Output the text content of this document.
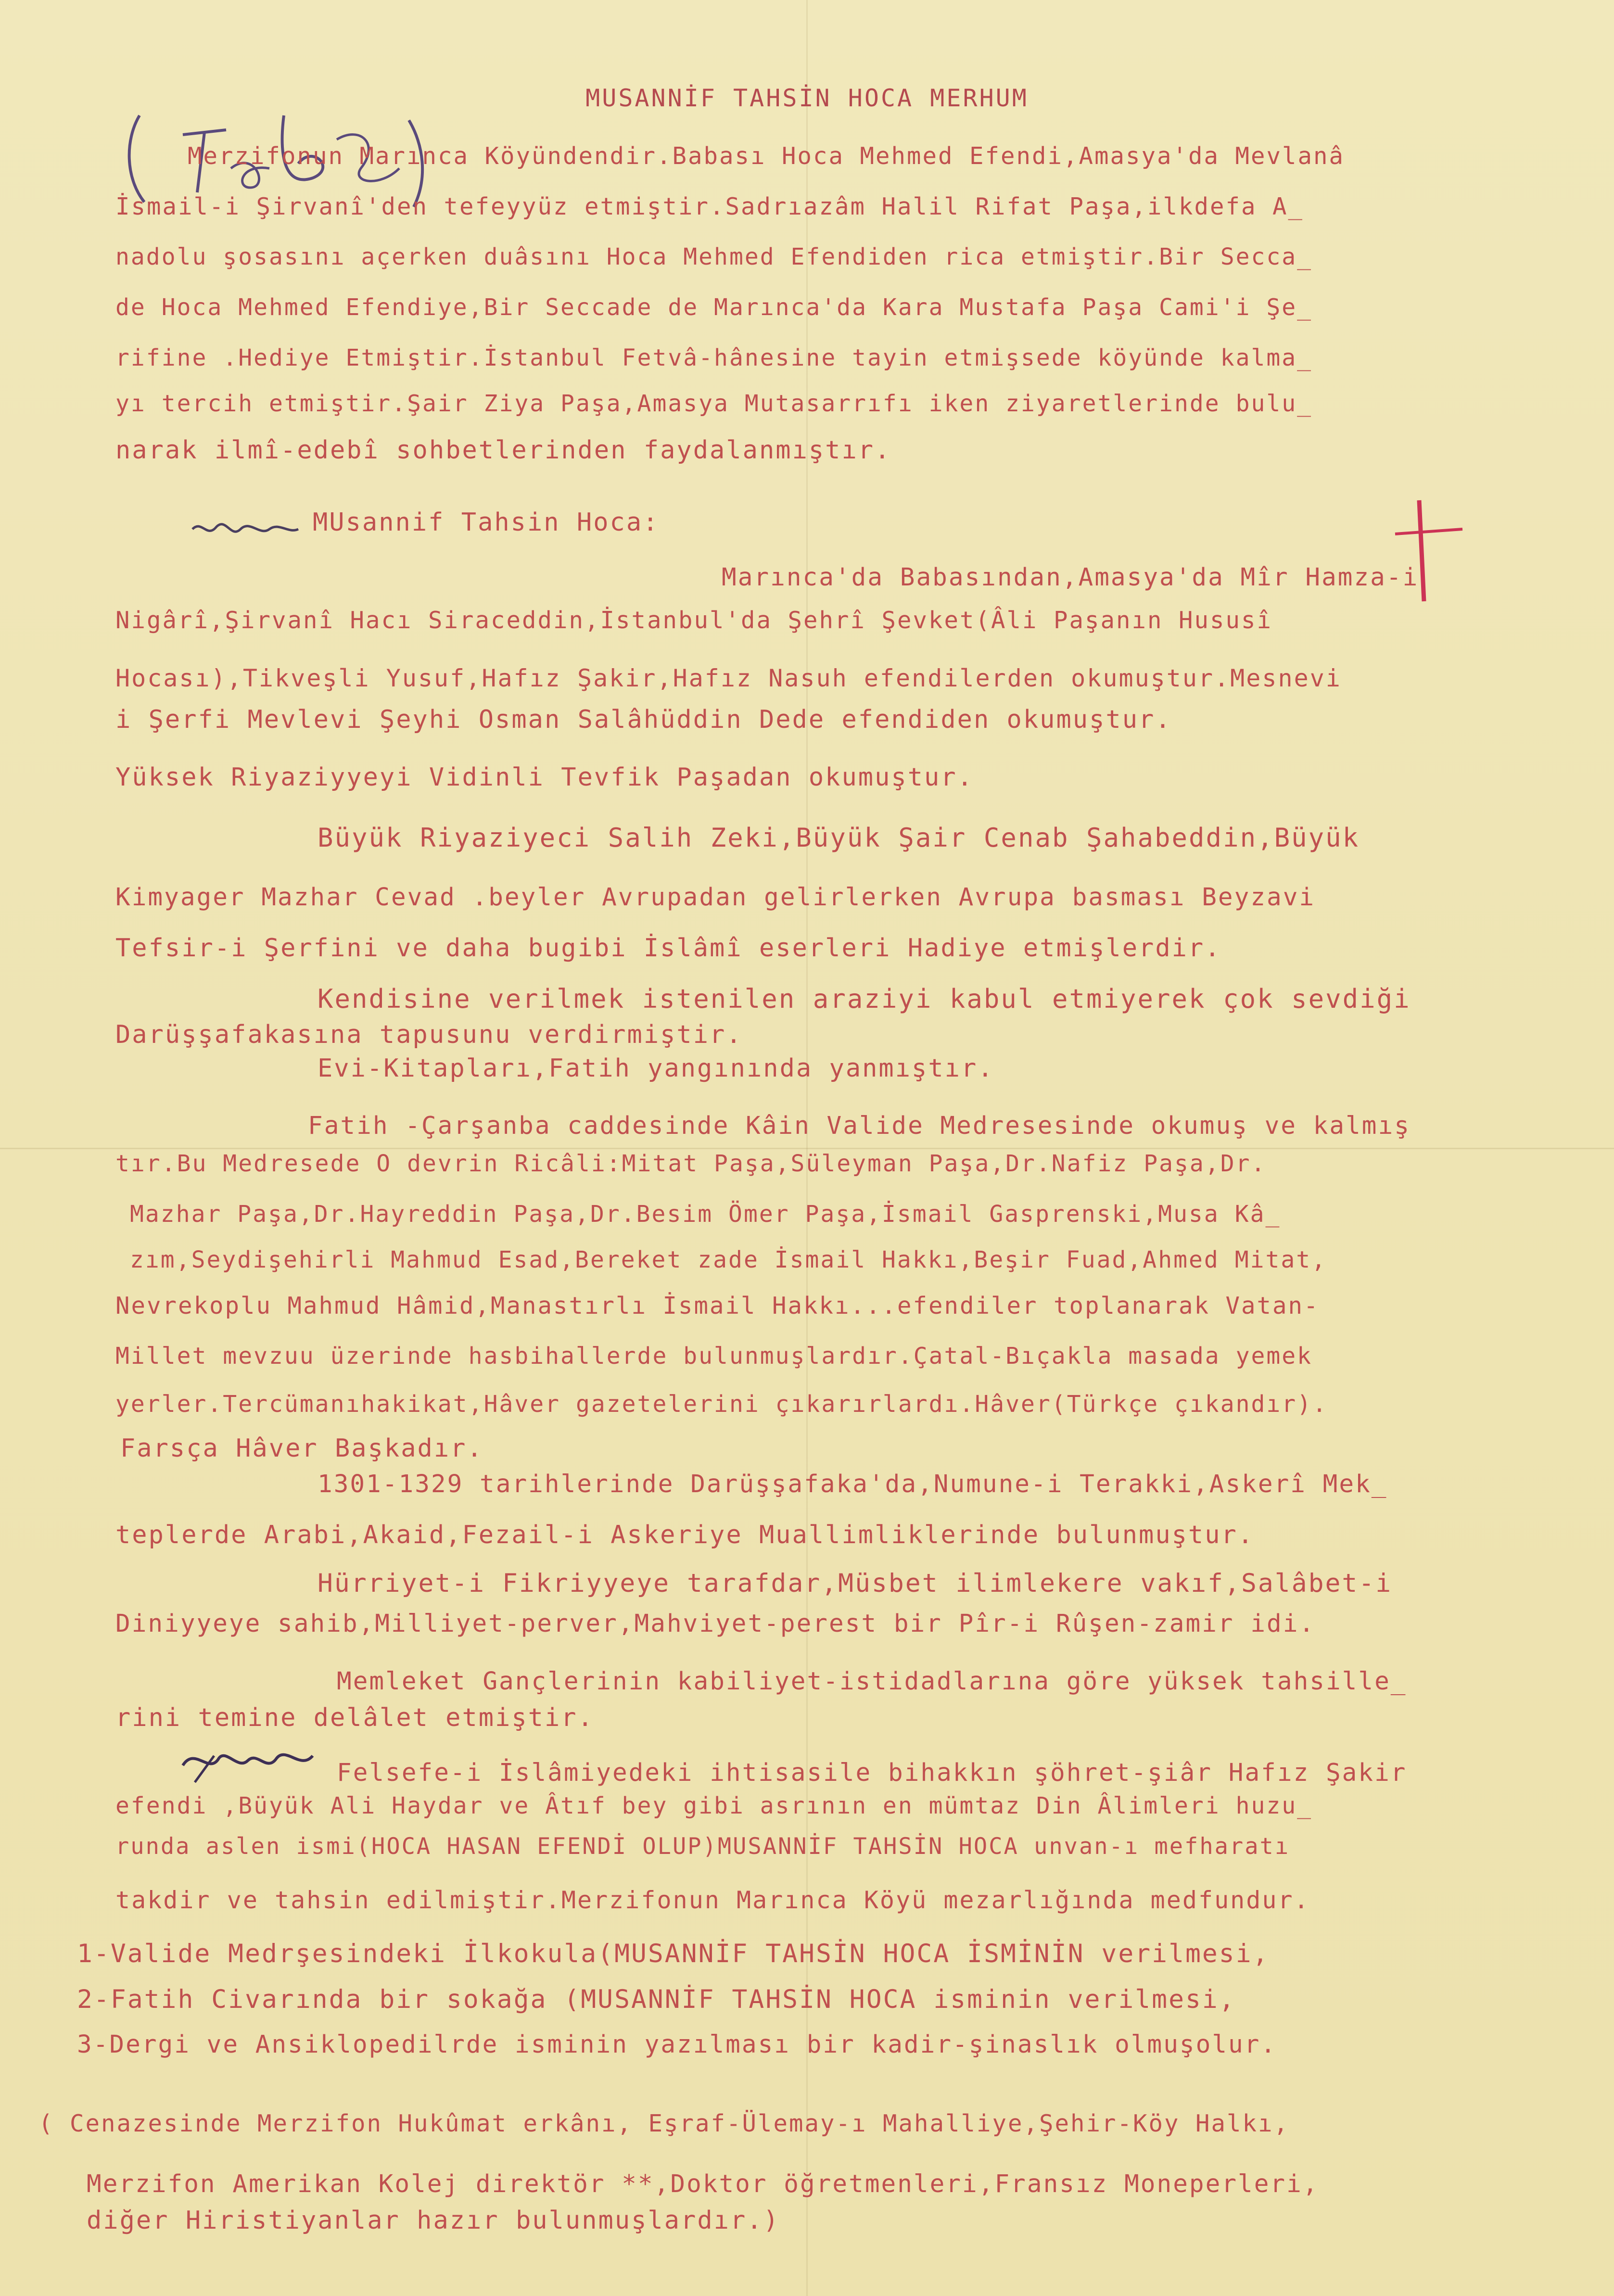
MUSANNİF TAHSİN HOCA MERHUM
Merzifonun Marınca Köyündendir.Babası Hoca Mehmed Efendi,Amasya'da Mevlanâ
İsmail-i Şirvanî'den tefeyyüz etmiştir.Sadrıazâm Halil Rifat Paşa,ilkdefa A_
nadolu şosasını açerken duâsını Hoca Mehmed Efendiden rica etmiştir.Bir Secca_
de Hoca Mehmed Efendiye,Bir Seccade de Marınca'da Kara Mustafa Paşa Cami'i Şe_
rifine .Hediye Etmiştir.İstanbul Fetvâ-hânesine tayin etmişsede köyünde kalma_
yı tercih etmiştir.Şair Ziya Paşa,Amasya Mutasarrıfı iken ziyaretlerinde bulu_
narak ilmî-edebî sohbetlerinden faydalanmıştır.
MUsannif Tahsin Hoca:
Marınca'da Babasından,Amasya'da Mîr Hamza-i
Nigârî,Şirvanî Hacı Siraceddin,İstanbul'da Şehrî Şevket(Âli Paşanın Hususî
Hocası),Tikveşli Yusuf,Hafız Şakir,Hafız Nasuh efendilerden okumuştur.Mesnevi
i Şerfi Mevlevi Şeyhi Osman Salâhüddin Dede efendiden okumuştur.
Yüksek Riyaziyyeyi Vidinli Tevfik Paşadan okumuştur.
Büyük Riyaziyeci Salih Zeki,Büyük Şair Cenab Şahabeddin,Büyük
Kimyager Mazhar Cevad .beyler Avrupadan gelirlerken Avrupa basması Beyzavi
Tefsir-i Şerfini ve daha bugibi İslâmî eserleri Hadiye etmişlerdir.
Kendisine verilmek istenilen araziyi kabul etmiyerek çok sevdiği
Darüşşafakasına tapusunu verdirmiştir.
Evi-Kitapları,Fatih yangınında yanmıştır.
Fatih -Çarşanba caddesinde Kâin Valide Medresesinde okumuş ve kalmış
tır.Bu Medresede O devrin Ricâli:Mitat Paşa,Süleyman Paşa,Dr.Nafiz Paşa,Dr.
Mazhar Paşa,Dr.Hayreddin Paşa,Dr.Besim Ömer Paşa,İsmail Gasprenski,Musa Kâ_
zım,Seydişehirli Mahmud Esad,Bereket zade İsmail Hakkı,Beşir Fuad,Ahmed Mitat,
Nevrekoplu Mahmud Hâmid,Manastırlı İsmail Hakkı...efendiler toplanarak Vatan-
Millet mevzuu üzerinde hasbihallerde bulunmuşlardır.Çatal-Bıçakla masada yemek
yerler.Tercümanıhakikat,Hâver gazetelerini çıkarırlardı.Hâver(Türkçe çıkandır).
Farsça Hâver Başkadır.
1301-1329 tarihlerinde Darüşşafaka'da,Numune-i Terakki,Askerî Mek_
teplerde Arabi,Akaid,Fezail-i Askeriye Muallimliklerinde bulunmuştur.
Hürriyet-i Fikriyyeye tarafdar,Müsbet ilimlekere vakıf,Salâbet-i
Diniyyeye sahib,Milliyet-perver,Mahviyet-perest bir Pîr-i Rûşen-zamir idi.
Memleket Gançlerinin kabiliyet-istidadlarına göre yüksek tahsille_
rini temine delâlet etmiştir.
Felsefe-i İslâmiyedeki ihtisasile bihakkın şöhret-şiâr Hafız Şakir
efendi ,Büyük Ali Haydar ve Âtıf bey gibi asrının en mümtaz Din Âlimleri huzu_
runda aslen ismi(HOCA HASAN EFENDİ OLUP)MUSANNİF TAHSİN HOCA unvan-ı mefharatı
takdir ve tahsin edilmiştir.Merzifonun Marınca Köyü mezarlığında medfundur.
1-Valide Medrşesindeki İlkokula(MUSANNİF TAHSİN HOCA İSMİNİN verilmesi,
2-Fatih Civarında bir sokağa (MUSANNİF TAHSİN HOCA isminin verilmesi,
3-Dergi ve Ansiklopedilrde isminin yazılması bir kadir-şinaslık olmuşolur.
( Cenazesinde Merzifon Hukûmat erkânı, Eşraf-Ülemay-ı Mahalliye,Şehir-Köy Halkı,
Merzifon Amerikan Kolej direktör **,Doktor öğretmenleri,Fransız Moneperleri,
diğer Hiristiyanlar hazır bulunmuşlardır.)
